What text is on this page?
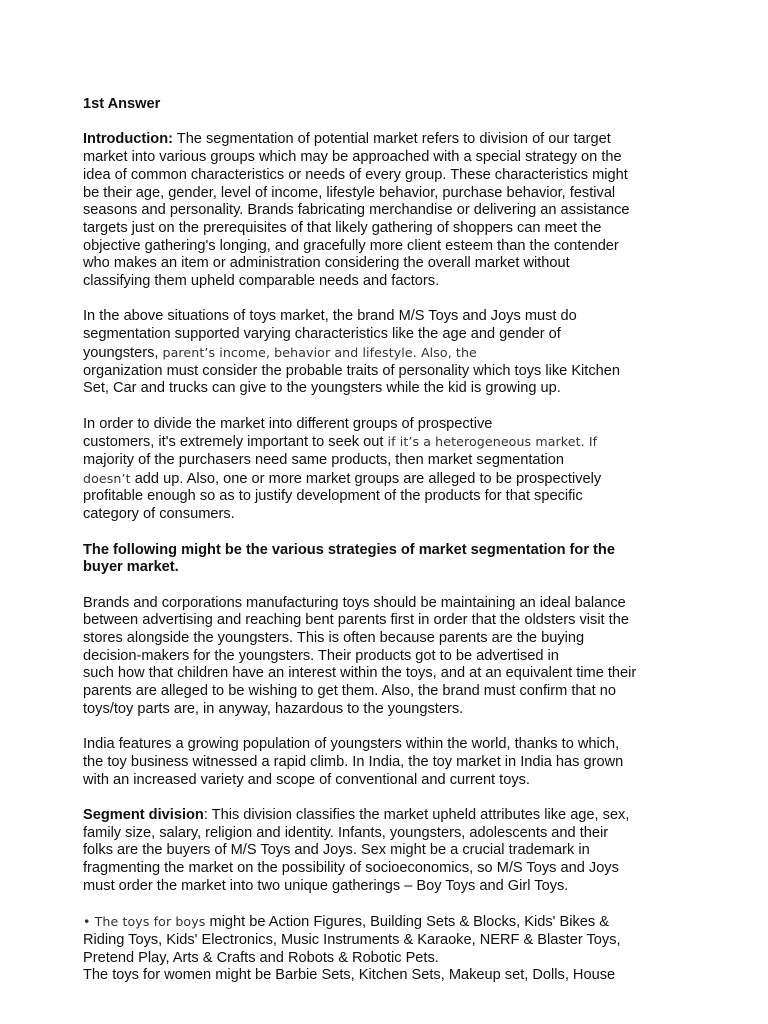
1st Answer

Introduction: The segmentation of potential market refers to division of our target
market into various groups which may be approached with a special strategy on the
idea of common characteristics or needs of every group. These characteristics might
be their age, gender, level of income, lifestyle behavior, purchase behavior, festival
seasons and personality. Brands fabricating merchandise or delivering an assistance
targets just on the prerequisites of that likely gathering of shoppers can meet the
objective gathering's longing, and gracefully more client esteem than the contender
who makes an item or administration considering the overall market without
classifying them upheld comparable needs and factors.

In the above situations of toys market, the brand M/S Toys and Joys must do
segmentation supported varying characteristics like the age and gender of
youngsters, parent’s income, behavior and lifestyle. Also, the
organization must consider the probable traits of personality which toys like Kitchen
Set, Car and trucks can give to the youngsters while the kid is growing up.

In order to divide the market into different groups of prospective
customers, it's extremely important to seek out if it’s a heterogeneous market. If
majority of the purchasers need same products, then market segmentation
doesn’t add up. Also, one or more market groups are alleged to be prospectively
profitable enough so as to justify development of the products for that specific
category of consumers.

The following might be the various strategies of market segmentation for the
buyer market.

Brands and corporations manufacturing toys should be maintaining an ideal balance
between advertising and reaching bent parents first in order that the oldsters visit the
stores alongside the youngsters. This is often because parents are the buying
decision-makers for the youngsters. Their products got to be advertised in
such how that children have an interest within the toys, and at an equivalent time their
parents are alleged to be wishing to get them. Also, the brand must confirm that no
toys/toy parts are, in anyway, hazardous to the youngsters.

India features a growing population of youngsters within the world, thanks to which,
the toy business witnessed a rapid climb. In India, the toy market in India has grown
with an increased variety and scope of conventional and current toys.

Segment division: This division classifies the market upheld attributes like age, sex,
family size, salary, religion and identity. Infants, youngsters, adolescents and their
folks are the buyers of M/S Toys and Joys. Sex might be a crucial trademark in
fragmenting the market on the possibility of socioeconomics, so M/S Toys and Joys
must order the market into two unique gatherings – Boy Toys and Girl Toys.

• The toys for boys might be Action Figures, Building Sets & Blocks, Kids' Bikes &
Riding Toys, Kids' Electronics, Music Instruments & Karaoke, NERF & Blaster Toys,
Pretend Play, Arts & Crafts and Robots & Robotic Pets.
The toys for women might be Barbie Sets, Kitchen Sets, Makeup set, Dolls, House
